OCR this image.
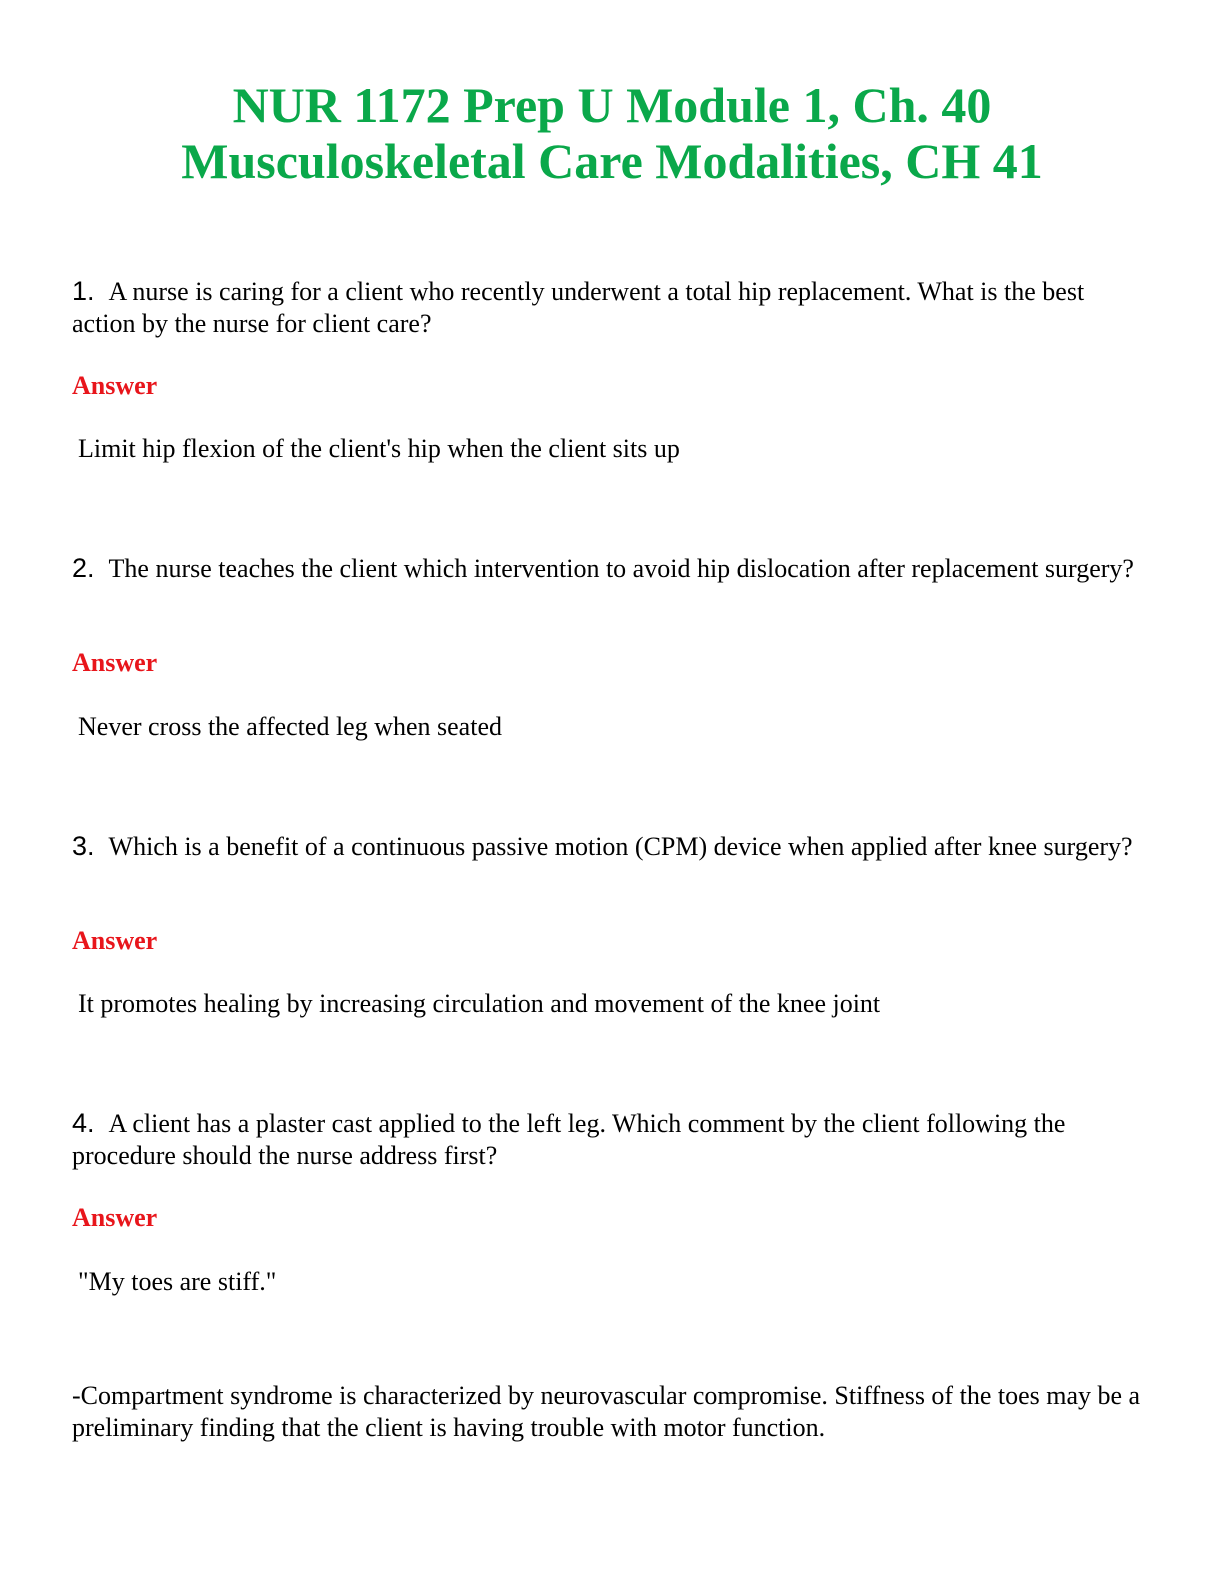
NUR 1172 Prep U Module 1, Ch. 40
Musculoskeletal Care Modalities, CH 41

1. A nurse is caring for a client who recently underwent a total hip replacement. What is the best action by the nurse for client care?

Answer

Limit hip flexion of the client's hip when the client sits up

2. The nurse teaches the client which intervention to avoid hip dislocation after replacement surgery?

Answer

Never cross the affected leg when seated

3. Which is a benefit of a continuous passive motion (CPM) device when applied after knee surgery?

Answer

It promotes healing by increasing circulation and movement of the knee joint

4. A client has a plaster cast applied to the left leg. Which comment by the client following the procedure should the nurse address first?

Answer

"My toes are stiff."

-Compartment syndrome is characterized by neurovascular compromise. Stiffness of the toes may be a preliminary finding that the client is having trouble with motor function.
